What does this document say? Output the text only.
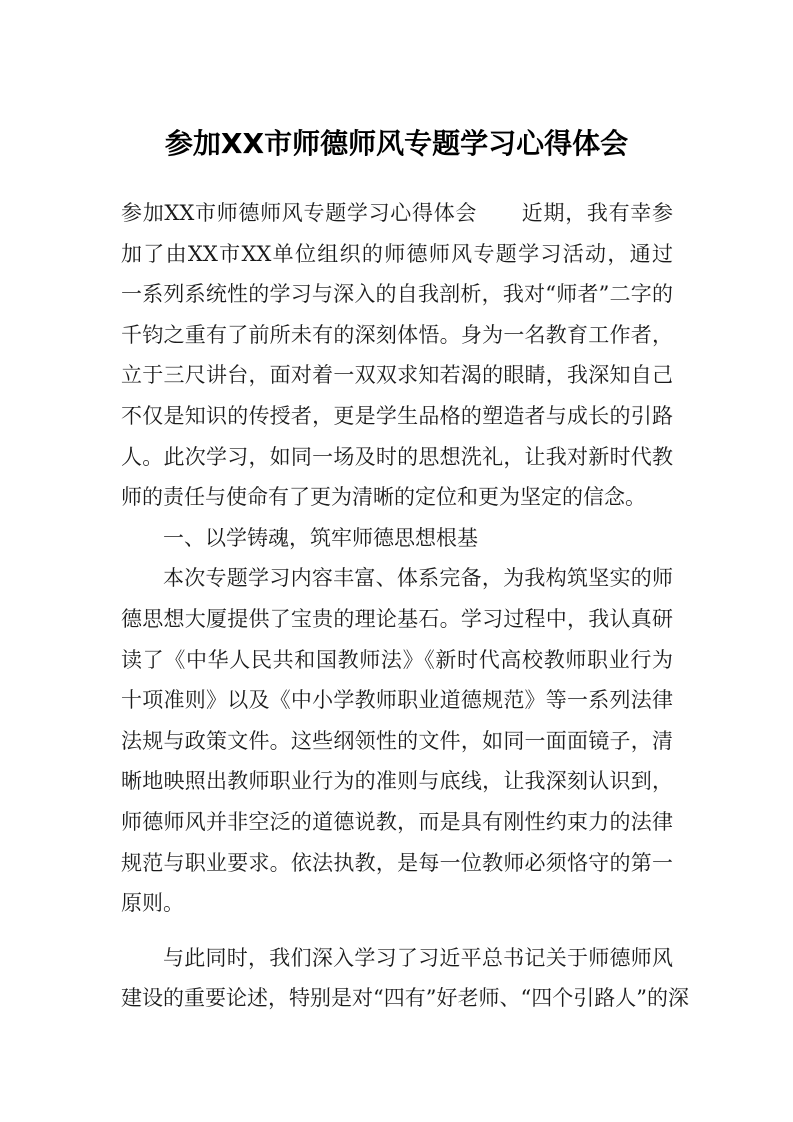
参加XX市师德师风专题学习心得体会
参加XX市师德师风专题学习心得体会 近期，我有幸参
加了由XX市XX单位组织的师德师风专题学习活动，通过
一系列系统性的学习与深入的自我剖析，我对“师者”二字的
千钧之重有了前所未有的深刻体悟。身为一名教育工作者，
立于三尺讲台，面对着一双双求知若渴的眼睛，我深知自己
不仅是知识的传授者，更是学生品格的塑造者与成长的引路
人。此次学习，如同一场及时的思想洗礼，让我对新时代教
师的责任与使命有了更为清晰的定位和更为坚定的信念。
一、以学铸魂，筑牢师德思想根基
本次专题学习内容丰富、体系完备，为我构筑坚实的师
德思想大厦提供了宝贵的理论基石。学习过程中，我认真研
读了《中华人民共和国教师法》《新时代高校教师职业行为
十项准则》以及《中小学教师职业道德规范》等一系列法律
法规与政策文件。这些纲领性的文件，如同一面面镜子，清
晰地映照出教师职业行为的准则与底线，让我深刻认识到，
师德师风并非空泛的道德说教，而是具有刚性约束力的法律
规范与职业要求。依法执教，是每一位教师必须恪守的第一
原则。
与此同时，我们深入学习了习近平总书记关于师德师风
建设的重要论述，特别是对“四有”好老师、“四个引路人”的深
